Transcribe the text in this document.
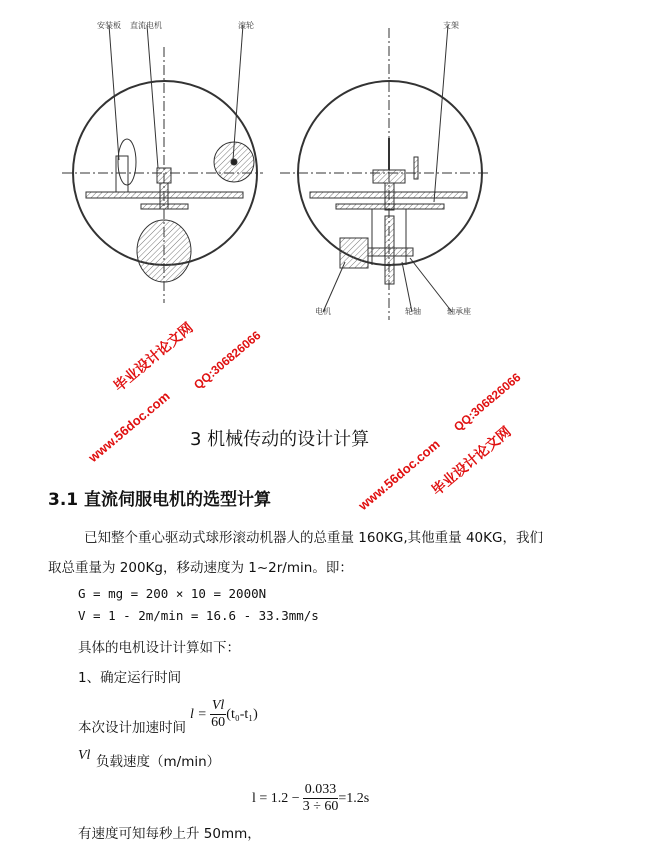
安装板 直流电机	滚轮	支架
电机	轮轴	轴承座
毕业设计论文网
QQ:306826066
www.56doc.com
www.56doc.com
QQ:306826066
毕业设计论文网
3 机械传动的设计计算
3.1 直流伺服电机的选型计算
已知整个重心驱动式球形滚动机器人的总重量 160KG,其他重量 40KG，我们
取总重量为 200Kg，移动速度为 1~2r/min。即：
G = mg = 200 × 10 = 2000N
V = 1 - 2m/min = 16.6 - 33.3mm/s
具体的电机设计计算如下：
1、确定运行时间
本次设计加速时间
$l = \frac{Vl}{60} (t_0-t_1)$
Vl 负载速度（m/min）
$l = 1.2 - \frac{0.033}{3 \div 60} =1.2s$
有速度可知每秒上升 50mm，
